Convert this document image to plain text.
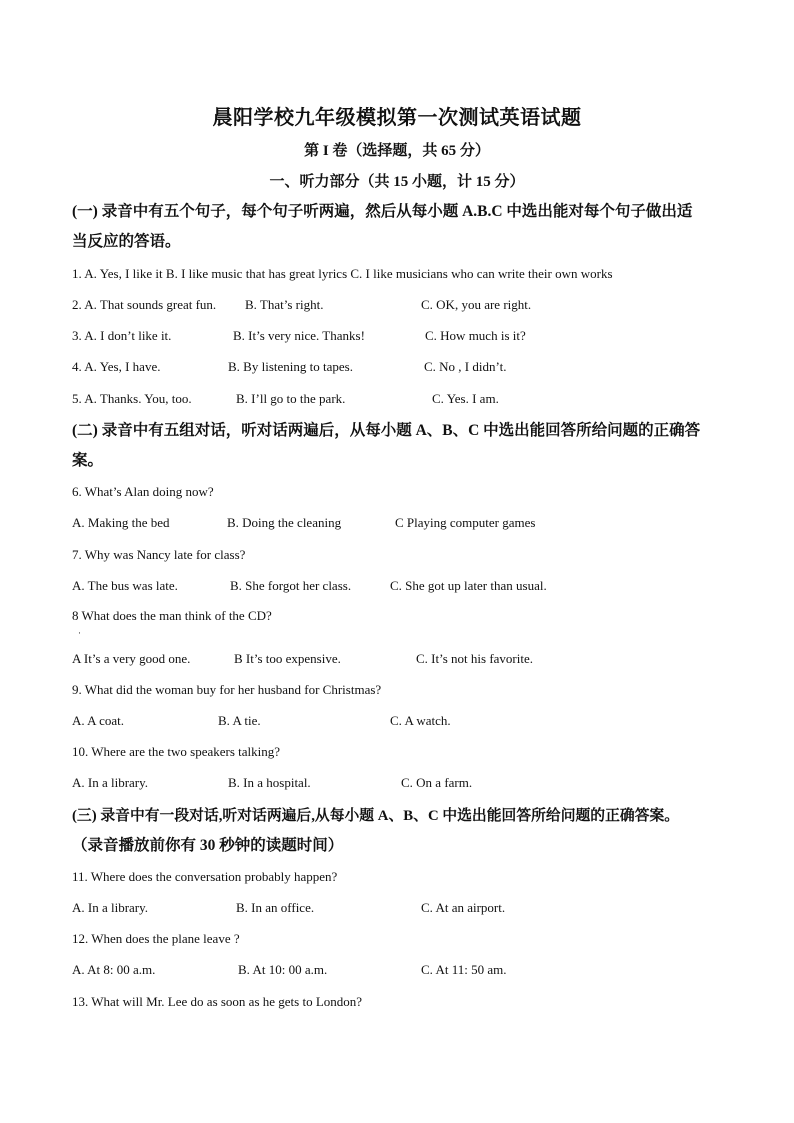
晨阳学校九年级模拟第一次测试英语试题
第 I 卷（选择题，共 65 分）
一、听力部分（共 15 小题，计 15 分）
(一) 录音中有五个句子，每个句子听两遍，然后从每小题 A.B.C 中选出能对每个句子做出适
当反应的答语。
1. A. Yes, I like it B. I like music that has great lyrics C. I like musicians who can write their own works
2. A. That sounds great fun. B. That’s right.	C. OK, you are right.
3. A. I don’t like it.	B. It’s very nice. Thanks!	C. How much is it?
4. A. Yes, I have.	B. By listening to tapes.	C. No , I didn’t.
5. A. Thanks. You, too.	B. I’ll go to the park.	C. Yes. I am.
(二) 录音中有五组对话，听对话两遍后，从每小题 A、B、C 中选出能回答所给问题的正确答
案。
6. What’s Alan doing now?
A. Making the bed	B. Doing the cleaning	C Playing computer games
7. Why was Nancy late for class?
A. The bus was late.	B. She forgot her class.	C. She got up later than usual.
8 What does the man think of the CD?
·
A It’s a very good one.	B It’s too expensive.	C. It’s not his favorite.
9. What did the woman buy for her husband for Christmas?
A. A coat.	B. A tie.	C. A watch.
10. Where are the two speakers talking?
A. In a library.	B. In a hospital.	C. On a farm.
(三) 录音中有一段对话,听对话两遍后,从每小题 A、B、C 中选出能回答所给问题的正确答案。
（录音播放前你有 30 秒钟的读题时间）
11. Where does the conversation probably happen?
A. In a library.	B. In an office.	C. At an airport.
12. When does the plane leave ?
A. At 8: 00 a.m.	B. At 10: 00 a.m.	C. At 11: 50 am.
13. What will Mr. Lee do as soon as he gets to London?
